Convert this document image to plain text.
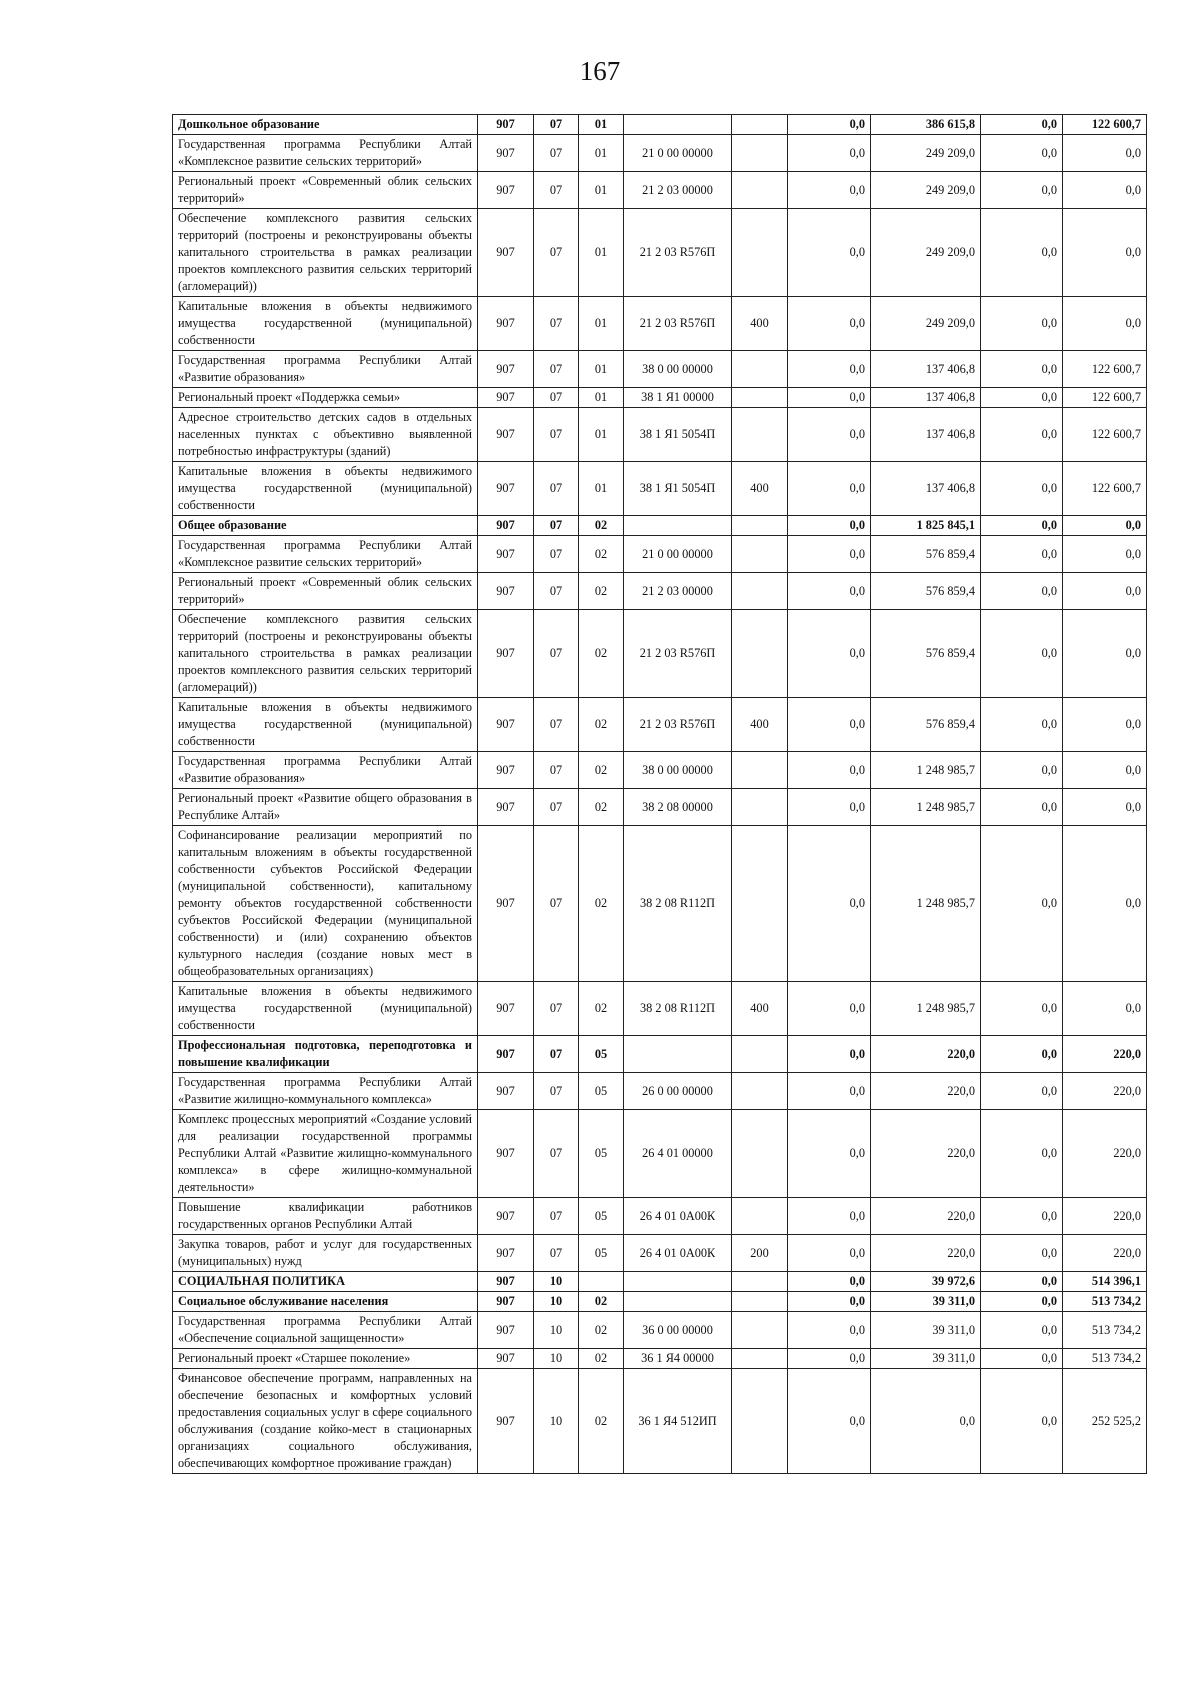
167
Дошкольное образование	907	07	01			0,0	386 615,8	0,0	122 600,7
Государственная программа Республики Алтай «Комплексное развитие сельских территорий»	907	07	01	21 0 00 00000		0,0	249 209,0	0,0	0,0
Региональный проект «Современный облик сельских территорий»	907	07	01	21 2 03 00000		0,0	249 209,0	0,0	0,0
Обеспечение комплексного развития сельских территорий (построены и реконструированы объекты капитального строительства в рамках реализации проектов комплексного развития сельских территорий (агломераций))	907	07	01	21 2 03 R576П		0,0	249 209,0	0,0	0,0
Капитальные вложения в объекты недвижимого имущества государственной (муниципальной) собственности	907	07	01	21 2 03 R576П	400	0,0	249 209,0	0,0	0,0
Государственная программа Республики Алтай «Развитие образования»	907	07	01	38 0 00 00000		0,0	137 406,8	0,0	122 600,7
Региональный проект «Поддержка семьи»	907	07	01	38 1 Я1 00000		0,0	137 406,8	0,0	122 600,7
Адресное строительство детских садов в отдельных населенных пунктах с объективно выявленной потребностью инфраструктуры (зданий)	907	07	01	38 1 Я1 5054П		0,0	137 406,8	0,0	122 600,7
Капитальные вложения в объекты недвижимого имущества государственной (муниципальной) собственности	907	07	01	38 1 Я1 5054П	400	0,0	137 406,8	0,0	122 600,7
Общее образование	907	07	02			0,0	1 825 845,1	0,0	0,0
Государственная программа Республики Алтай «Комплексное развитие сельских территорий»	907	07	02	21 0 00 00000		0,0	576 859,4	0,0	0,0
Региональный проект «Современный облик сельских территорий»	907	07	02	21 2 03 00000		0,0	576 859,4	0,0	0,0
Обеспечение комплексного развития сельских территорий (построены и реконструированы объекты капитального строительства в рамках реализации проектов комплексного развития сельских территорий (агломераций))	907	07	02	21 2 03 R576П		0,0	576 859,4	0,0	0,0
Капитальные вложения в объекты недвижимого имущества государственной (муниципальной) собственности	907	07	02	21 2 03 R576П	400	0,0	576 859,4	0,0	0,0
Государственная программа Республики Алтай «Развитие образования»	907	07	02	38 0 00 00000		0,0	1 248 985,7	0,0	0,0
Региональный проект «Развитие общего образования в Республике Алтай»	907	07	02	38 2 08 00000		0,0	1 248 985,7	0,0	0,0
Софинансирование реализации мероприятий по капитальным вложениям в объекты государственной собственности субъектов Российской Федерации (муниципальной собственности), капитальному ремонту объектов государственной собственности субъектов Российской Федерации (муниципальной собственности) и (или) сохранению объектов культурного наследия (создание новых мест в общеобразовательных организациях)	907	07	02	38 2 08 R112П		0,0	1 248 985,7	0,0	0,0
Капитальные вложения в объекты недвижимого имущества государственной (муниципальной) собственности	907	07	02	38 2 08 R112П	400	0,0	1 248 985,7	0,0	0,0
Профессиональная подготовка, переподготовка и повышение квалификации	907	07	05			0,0	220,0	0,0	220,0
Государственная программа Республики Алтай «Развитие жилищно-коммунального комплекса»	907	07	05	26 0 00 00000		0,0	220,0	0,0	220,0
Комплекс процессных мероприятий «Создание условий для реализации государственной программы Республики Алтай «Развитие жилищно-коммунального комплекса» в сфере жилищно-коммунальной деятельности»	907	07	05	26 4 01 00000		0,0	220,0	0,0	220,0
Повышение квалификации работников государственных органов Республики Алтай	907	07	05	26 4 01 0А00К		0,0	220,0	0,0	220,0
Закупка товаров, работ и услуг для государственных (муниципальных) нужд	907	07	05	26 4 01 0А00К	200	0,0	220,0	0,0	220,0
СОЦИАЛЬНАЯ ПОЛИТИКА	907	10				0,0	39 972,6	0,0	514 396,1
Социальное обслуживание населения	907	10	02			0,0	39 311,0	0,0	513 734,2
Государственная программа Республики Алтай «Обеспечение социальной защищенности»	907	10	02	36 0 00 00000		0,0	39 311,0	0,0	513 734,2
Региональный проект «Старшее поколение»	907	10	02	36 1 Я4 00000		0,0	39 311,0	0,0	513 734,2
Финансовое обеспечение программ, направленных на обеспечение безопасных и комфортных условий предоставления социальных услуг в сфере социального обслуживания (создание койко-мест в стационарных организациях социального обслуживания, обеспечивающих комфортное проживание граждан)	907	10	02	36 1 Я4 512ИП		0,0	0,0	0,0	252 525,2
